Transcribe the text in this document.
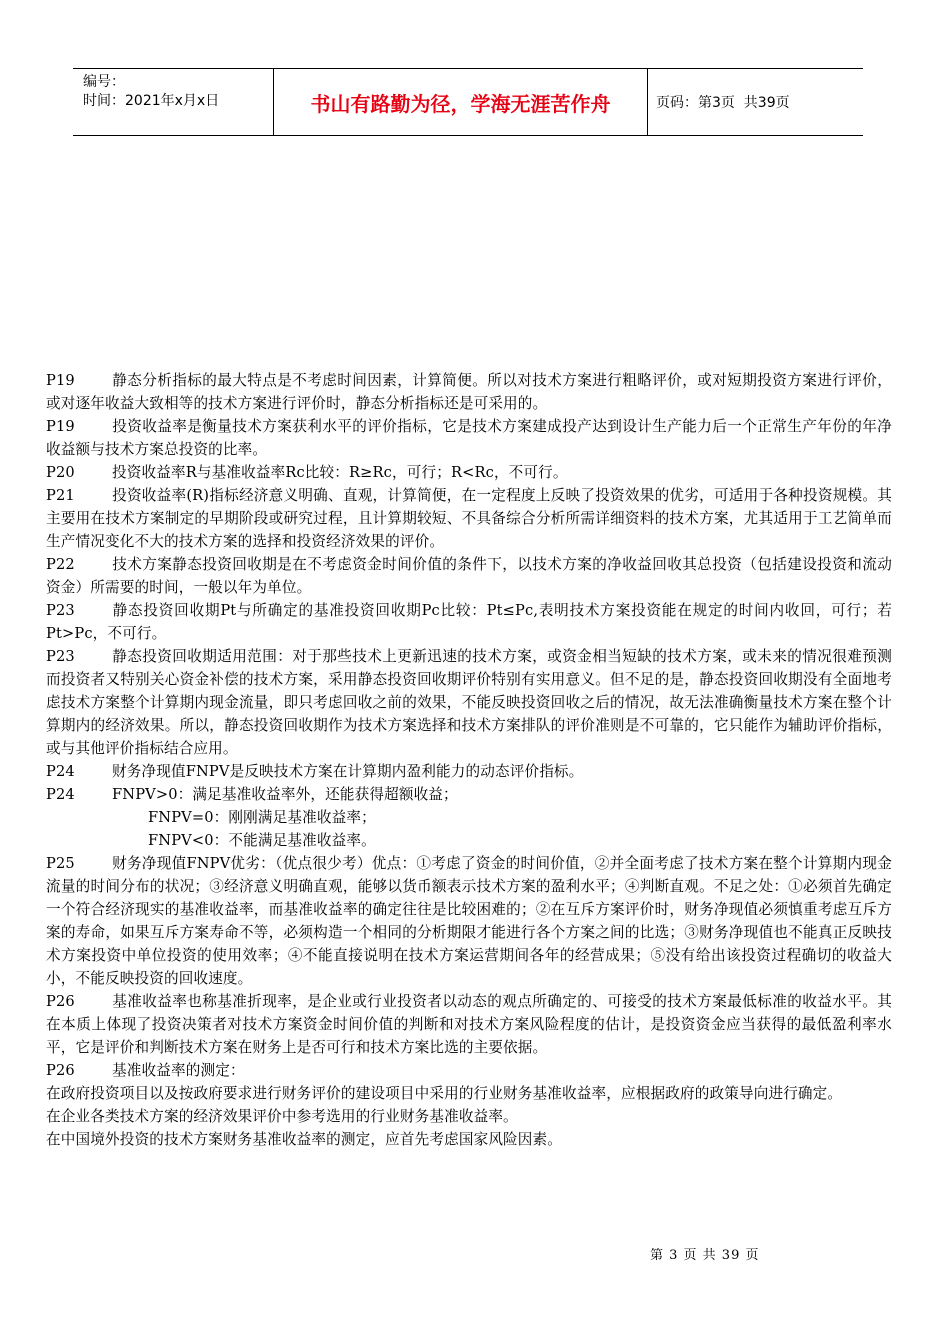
编号：
时间：2021年x月x日	书山有路勤为径，学海无涯苦作舟	页码：第3页  共39页

P19	静态分析指标的最大特点是不考虑时间因素，计算简便。所以对技术方案进行粗略评价，或对短期投资方案进行评价，或对逐年收益大致相等的技术方案进行评价时，静态分析指标还是可采用的。

P19	投资收益率是衡量技术方案获利水平的评价指标，它是技术方案建成投产达到设计生产能力后一个正常生产年份的年净收益额与技术方案总投资的比率。

P20	投资收益率R与基准收益率Rc比较：R≥Rc，可行；R<Rc，不可行。

P21	投资收益率(R)指标经济意义明确、直观，计算简便，在一定程度上反映了投资效果的优劣，可适用于各种投资规模。其主要用在技术方案制定的早期阶段或研究过程，且计算期较短、不具备综合分析所需详细资料的技术方案，尤其适用于工艺简单而生产情况变化不大的技术方案的选择和投资经济效果的评价。

P22	技术方案静态投资回收期是在不考虑资金时间价值的条件下，以技术方案的净收益回收其总投资（包括建设投资和流动资金）所需要的时间，一般以年为单位。

P23	静态投资回收期Pt与所确定的基准投资回收期Pc比较：Pt≤Pc,表明技术方案投资能在规定的时间内收回，可行；若Pt>Pc，不可行。

P23	静态投资回收期适用范围：对于那些技术上更新迅速的技术方案，或资金相当短缺的技术方案，或未来的情况很难预测而投资者又特别关心资金补偿的技术方案，采用静态投资回收期评价特别有实用意义。但不足的是，静态投资回收期没有全面地考虑技术方案整个计算期内现金流量，即只考虑回收之前的效果，不能反映投资回收之后的情况，故无法准确衡量技术方案在整个计算期内的经济效果。所以，静态投资回收期作为技术方案选择和技术方案排队的评价准则是不可靠的，它只能作为辅助评价指标，或与其他评价指标结合应用。

P24	财务净现值FNPV是反映技术方案在计算期内盈利能力的动态评价指标。

P24	FNPV>0：满足基准收益率外，还能获得超额收益；

FNPV=0：刚刚满足基准收益率；

FNPV<0：不能满足基准收益率。

P25	财务净现值FNPV优劣：（优点很少考）优点：①考虑了资金的时间价值，②并全面考虑了技术方案在整个计算期内现金流量的时间分布的状况；③经济意义明确直观，能够以货币额表示技术方案的盈利水平；④判断直观。不足之处：①必须首先确定一个符合经济现实的基准收益率，而基准收益率的确定往往是比较困难的；②在互斥方案评价时，财务净现值必须慎重考虑互斥方案的寿命，如果互斥方案寿命不等，必须构造一个相同的分析期限才能进行各个方案之间的比选；③财务净现值也不能真正反映技术方案投资中单位投资的使用效率；④不能直接说明在技术方案运营期间各年的经营成果；⑤没有给出该投资过程确切的收益大小，不能反映投资的回收速度。

P26	基准收益率也称基准折现率，是企业或行业投资者以动态的观点所确定的、可接受的技术方案最低标准的收益水平。其在本质上体现了投资决策者对技术方案资金时间价值的判断和对技术方案风险程度的估计，是投资资金应当获得的最低盈利率水平，它是评价和判断技术方案在财务上是否可行和技术方案比选的主要依据。

P26	基准收益率的测定：

在政府投资项目以及按政府要求进行财务评价的建设项目中采用的行业财务基准收益率，应根据政府的政策导向进行确定。

在企业各类技术方案的经济效果评价中参考选用的行业财务基准收益率。

在中国境外投资的技术方案财务基准收益率的测定，应首先考虑国家风险因素。

第 3 页 共 39 页
